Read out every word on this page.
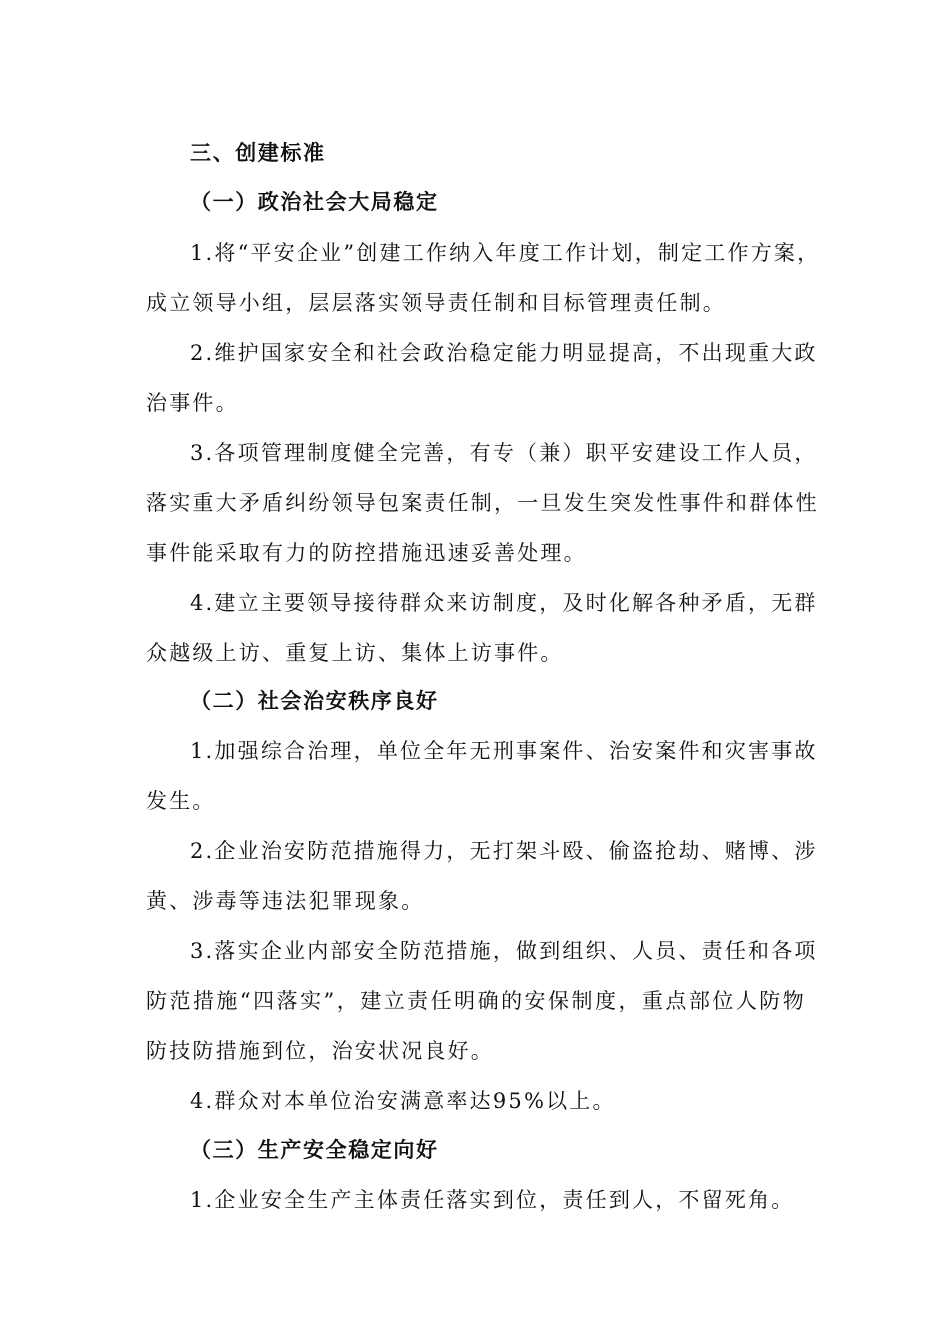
三、创建标准
（一）政治社会大局稳定
1.将“平安企业”创建工作纳入年度工作计划，制定工作方案，
成立领导小组，层层落实领导责任制和目标管理责任制。
2.维护国家安全和社会政治稳定能力明显提高，不出现重大政
治事件。
3.各项管理制度健全完善，有专（兼）职平安建设工作人员，
落实重大矛盾纠纷领导包案责任制，一旦发生突发性事件和群体性
事件能采取有力的防控措施迅速妥善处理。
4.建立主要领导接待群众来访制度，及时化解各种矛盾，无群
众越级上访、重复上访、集体上访事件。
（二）社会治安秩序良好
1.加强综合治理，单位全年无刑事案件、治安案件和灾害事故
发生。
2.企业治安防范措施得力，无打架斗殴、偷盗抢劫、赌博、涉
黄、涉毒等违法犯罪现象。
3.落实企业内部安全防范措施，做到组织、人员、责任和各项
防范措施“四落实”，建立责任明确的安保制度，重点部位人防物
防技防措施到位，治安状况良好。
4.群众对本单位治安满意率达95%以上。
（三）生产安全稳定向好
1.企业安全生产主体责任落实到位，责任到人，不留死角。
